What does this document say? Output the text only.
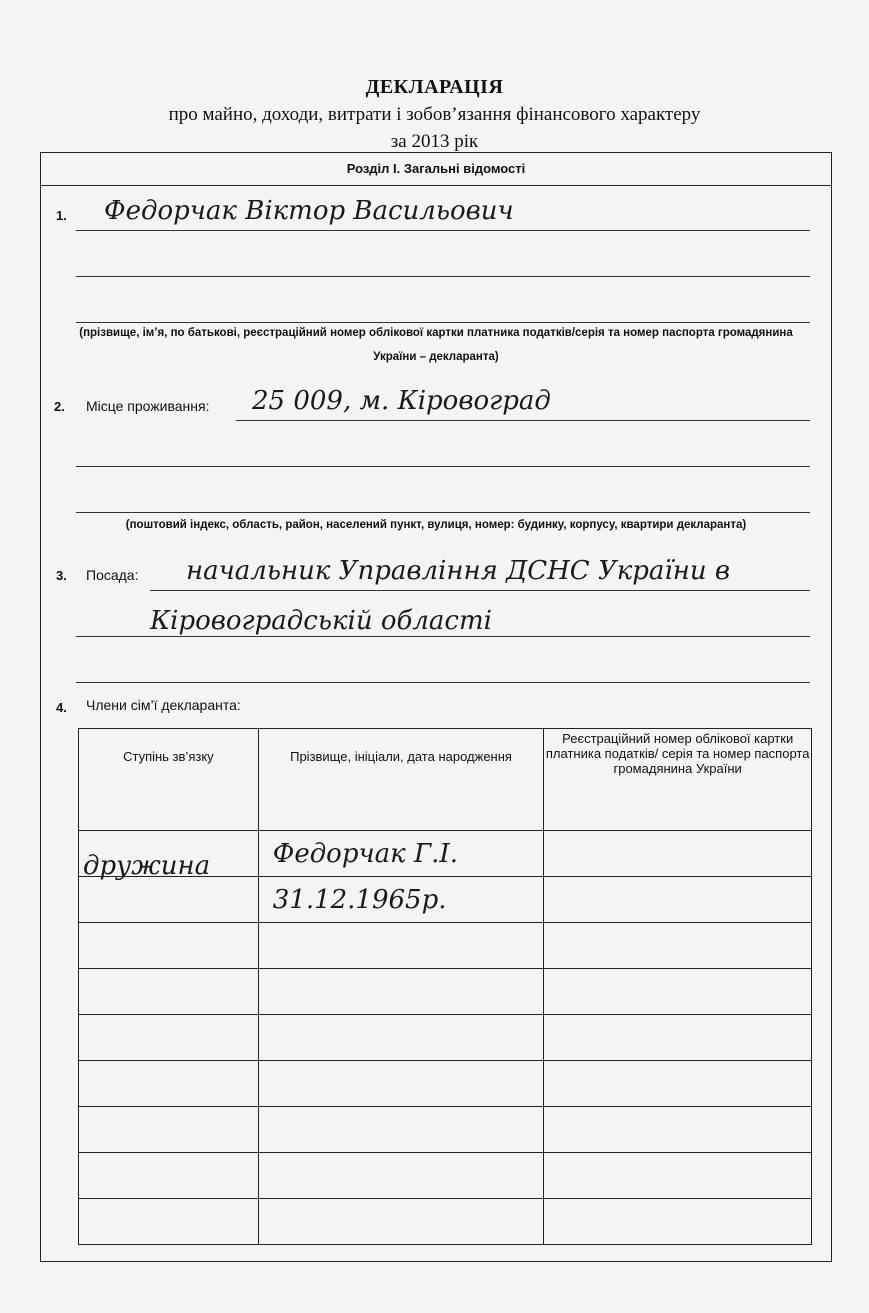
ДЕКЛАРАЦІЯ
про майно, доходи, витрати і зобов’язання фінансового характеру
за 2013 рік
Розділ І. Загальні відомості
1. Федорчак Віктор Васильович
(прізвище, ім’я, по батькові, реєстраційний номер облікової картки платника податків/серія та номер паспорта громадянина
України – декларанта)
2. Місце проживання: 25 009, м. Кіровоград
(поштовий індекс, область, район, населений пункт, вулиця, номер: будинку, корпусу, квартири декларанта)
3. Посада: начальник Управління ДСНС України в
Кіровоградській області
4. Члени сім’ї декларанта:
Ступінь зв’язку	Прізвище, ініціали, дата народження	Реєстраційний номер облікової картки платника податків/ серія та номер паспорта громадянина України

дружина	Федорчак Г.І.
31.12.1965р.	
